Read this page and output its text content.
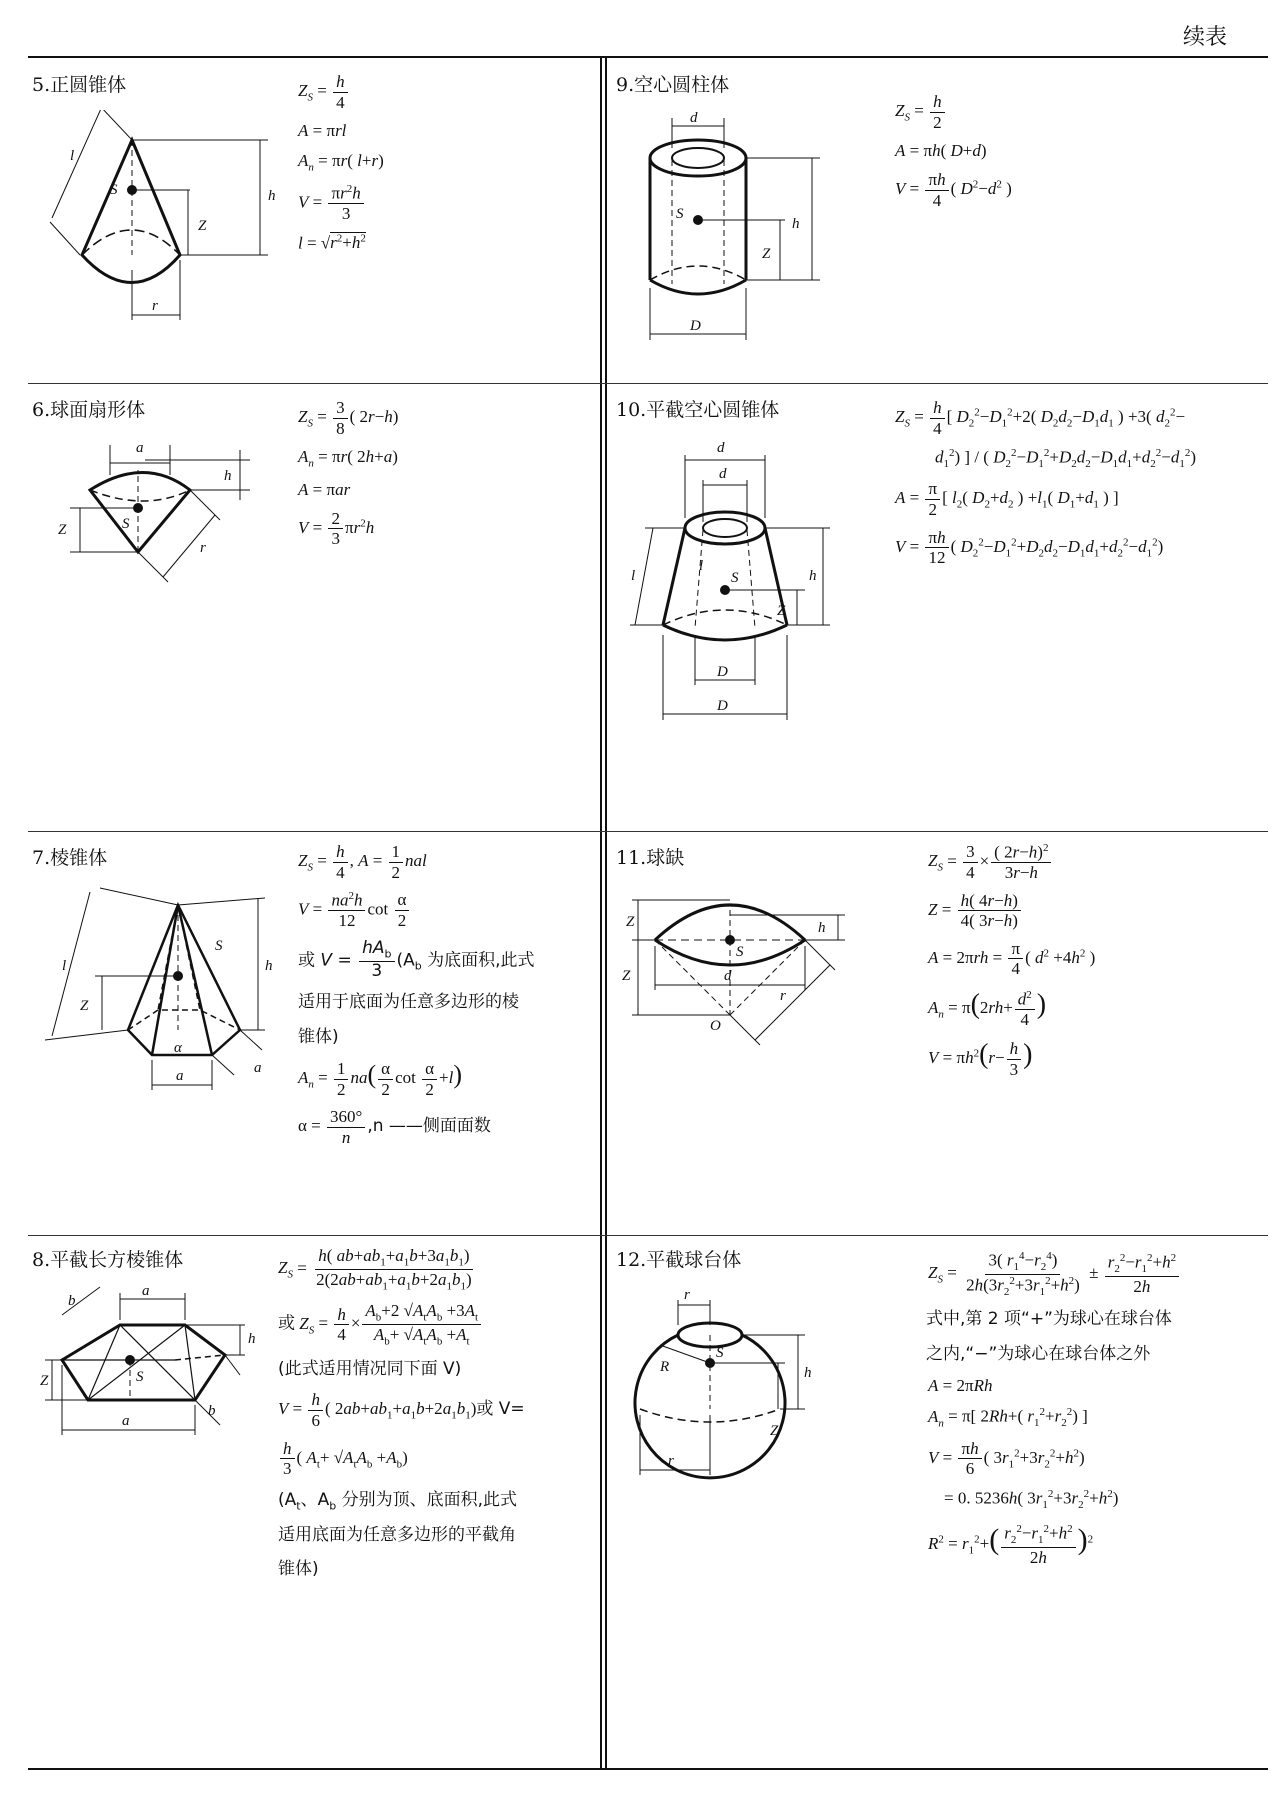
续表
5.正圆锥体
l
S
Z
h
r
$Z_S = \frac{h}{4}$
A = πrl
$A_n = \pi r$( l+r)
$V = \frac{\pi r^2h}{3}$
$l = √r^2+h^2$
9.空心圆柱体
d
S
Z
h
D
$Z_S = \frac{h}{2}$
A = πh( D+d)
$V = \frac{\pi h}{4}$ ( $D^2-d^2$ )
6.球面扇形体
a
h
S
Z
r
$Z_S = \frac{3}{8}$ ( 2r−h)
$A_n = \pi r$( 2h+a)
A = πar
$V = \frac{2}{3} \pi r^2h$
10.平截空心圆锥体
d
d
l
l
S	h
Z
D
D
$Z_S = \frac{h}{4}$ [ $D_2^2-D_1^2+2$( $D_2d_2-D_1d_1$ ) +3( $d_2^2-$
$d_1^2$) ] / ( $D_2^2-D_1^2+D_2d_2-D_1d_1+d_2^2-d_1^2$)
$A = \frac{\pi}{2}$ [ $l_2$( $D_2+d_2$ ) $+l_1$( $D_1+d_1$ ) ]
$V = \frac{\pi h}{12}$ ( $D_2^2-D_1^2+D_2d_2-D_1d_1+d_2^2-d_1^2$)
7.棱锥体
l
S
Z
h
α
a	a
$Z_S = \frac{h}{4}$ , $A = \frac{1}{2}$ nal
$V = \frac{na^2h}{12}$ $\cot \frac{\alpha}{2}$
或 $V = \frac{hA_b}{3} (A_b$ 为底面积,此式
适用于底面为任意多边形的棱
锥体)
$A_n = \frac{1}{2} na( \frac{\alpha}{2}$ $\cot \frac{\alpha}{2} +l$)
$\alpha = \frac{360^\circ}{n} ,n$ ——侧面面数
11.球缺
Z	h
S
Z	d
O
r
$Z_S = \frac{3}{4} \times \frac{( 2r-h)^2}{3r-h}$
$Z = \frac{h( 4r-h)}{4( 3r-h)}$
$A = 2\pi rh = \frac{\pi}{4}$ ( $d^2 +4h^2$ )
$A_n = \pi(2rh+ \frac{d^2}{4}$ )
$V = \pi h^2(r- \frac{h}{3}$ )
8.平截长方棱锥体
b
a
h
S
Z
a
b
$Z_S = \frac{h( ab+ab_1+a_1b+3a_1b_1)}{2(2ab+ab_1+a_1b+2a_1b_1)}$
或 $Z_S = \frac{h}{4} \times \frac{A_b+2 √A_tA_b +3A_t}{A_b+ √A_tA_b +A_t}$
(此式适用情况同下面 V)
$V = \frac{h}{6}$ ( $2ab+ab_1+a_1b+2a_1b_1$)或 V=
$\frac{h}{3}$ ( $A_t+ √A_tA_b +A_b$)
($A_t$、$A_b$ 分别为顶、底面积,此式
适用底面为任意多边形的平截角
锥体)
12.平截球台体
r
R
S
h
Z
r
$Z_S = \frac{3( r_1^4-r_2^4)}{2h(3r_2^2+3r_1^2+h^2)} \pm \frac{r_2^2-r_1^2+h^2}{2h}$
式中,第 2 项“+”为球心在球台体
之内,“−”为球心在球台体之外
A = 2πRh
$A_n = \pi$[ 2Rh+( $r_1^2+r_2^2$) ]
$V = \frac{\pi h}{6}$ ( $3r_1^2+3r_2^2+h^2$)
= 0. 5236h( $3r_1^2+3r_2^2+h^2$)
$R^2 = r_1^2+( \frac{r_2^2-r_1^2+h^2}{2h} )^2$
